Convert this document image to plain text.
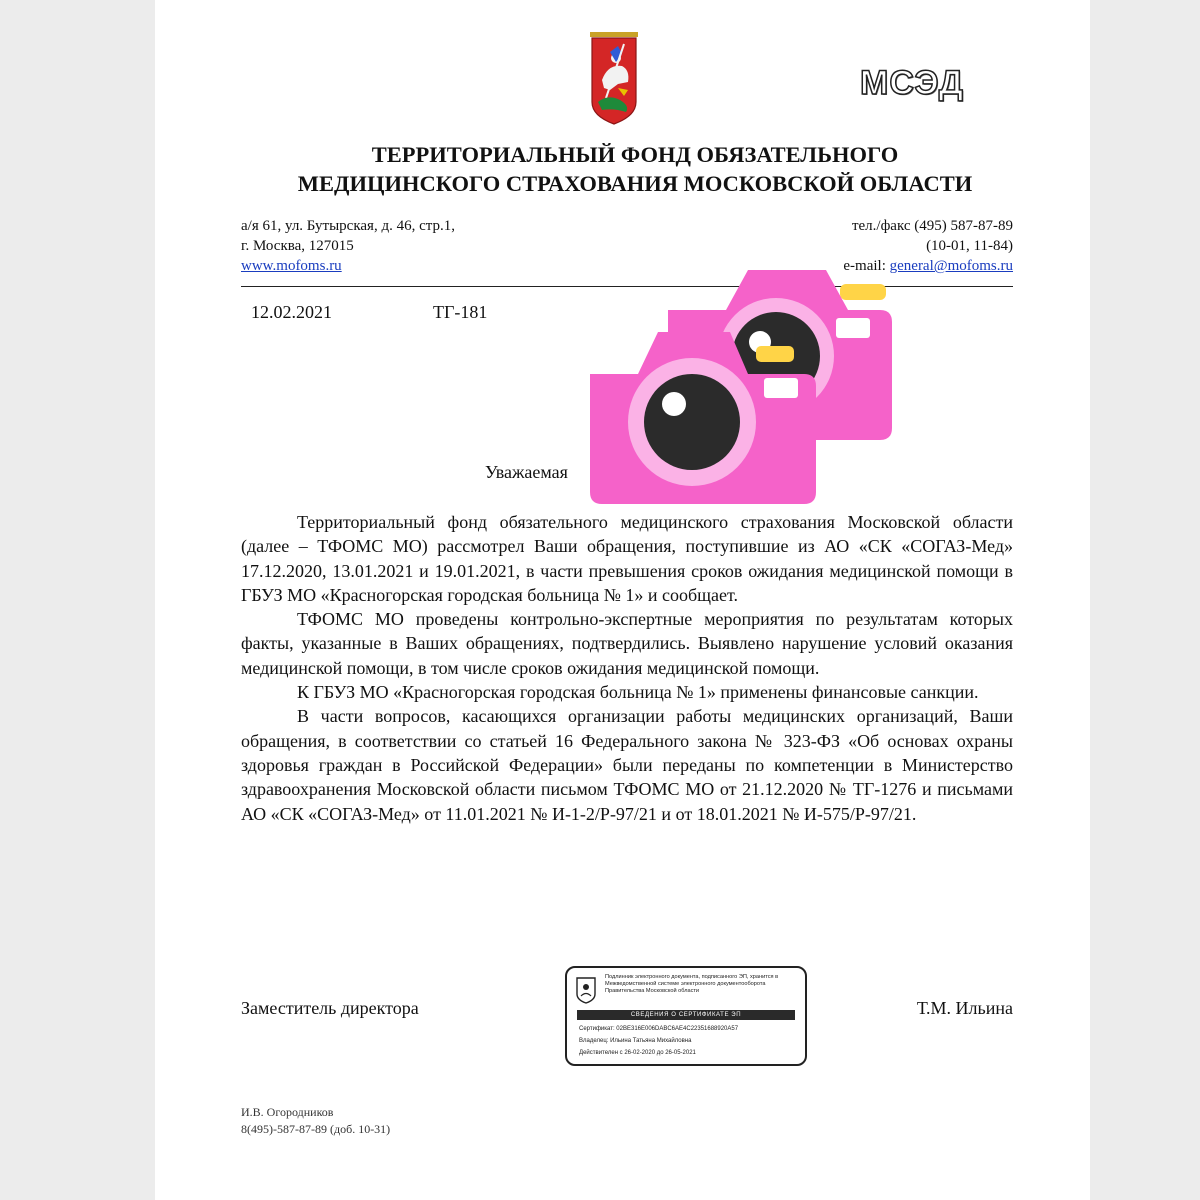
МСЭД
ТЕРРИТОРИАЛЬНЫЙ ФОНД ОБЯЗАТЕЛЬНОГО
МЕДИЦИНСКОГО СТРАХОВАНИЯ МОСКОВСКОЙ ОБЛАСТИ
а/я 61, ул. Бутырская, д. 46, стр.1,
г. Москва, 127015
www.mofoms.ru
тел./факс (495) 587-87-89
(10-01, 11-84)
e-mail: general@mofoms.ru
12.02.2021	ТГ-181
Уважаемая

Территориальный фонд обязательного медицинского страхования Московской области (далее – ТФОМС МО) рассмотрел Ваши обращения, поступившие из АО «СК «СОГАЗ-Мед» 17.12.2020, 13.01.2021 и 19.01.2021, в части превышения сроков ожидания медицинской помощи в ГБУЗ МО «Красногорская городская больница № 1» и сообщает.

ТФОМС МО проведены контрольно-экспертные мероприятия по результатам которых факты, указанные в Ваших обращениях, подтвердились. Выявлено нарушение условий оказания медицинской помощи, в том числе сроков ожидания медицинской помощи.

К ГБУЗ МО «Красногорская городская больница № 1» применены финансовые санкции.

В части вопросов, касающихся организации работы медицинских организаций, Ваши обращения, в соответствии со статьей 16 Федерального закона № 323-ФЗ «Об основах охраны здоровья граждан в Российской Федерации» были переданы по компетенции в Министерство здравоохранения Московской области письмом ТФОМС МО от 21.12.2020 № ТГ-1276 и письмами АО «СК «СОГАЗ-Мед» от 11.01.2021 № И-1-2/Р-97/21 и от 18.01.2021 № И-575/Р-97/21.

Заместитель директора	Т.М. Ильина
Подлинник электронного документа, подписанного ЭП, хранится в Межведомственной системе электронного документооборота Правительства Московской области
СВЕДЕНИЯ О СЕРТИФИКАТЕ ЭП
Сертификат: 02BE316E006DABC6AE4C22351688920A57
Владелец: Ильина Татьяна Михайловна
Действителен с 26-02-2020 до 26-05-2021
И.В. Огородников
8(495)-587-87-89 (доб. 10-31)
